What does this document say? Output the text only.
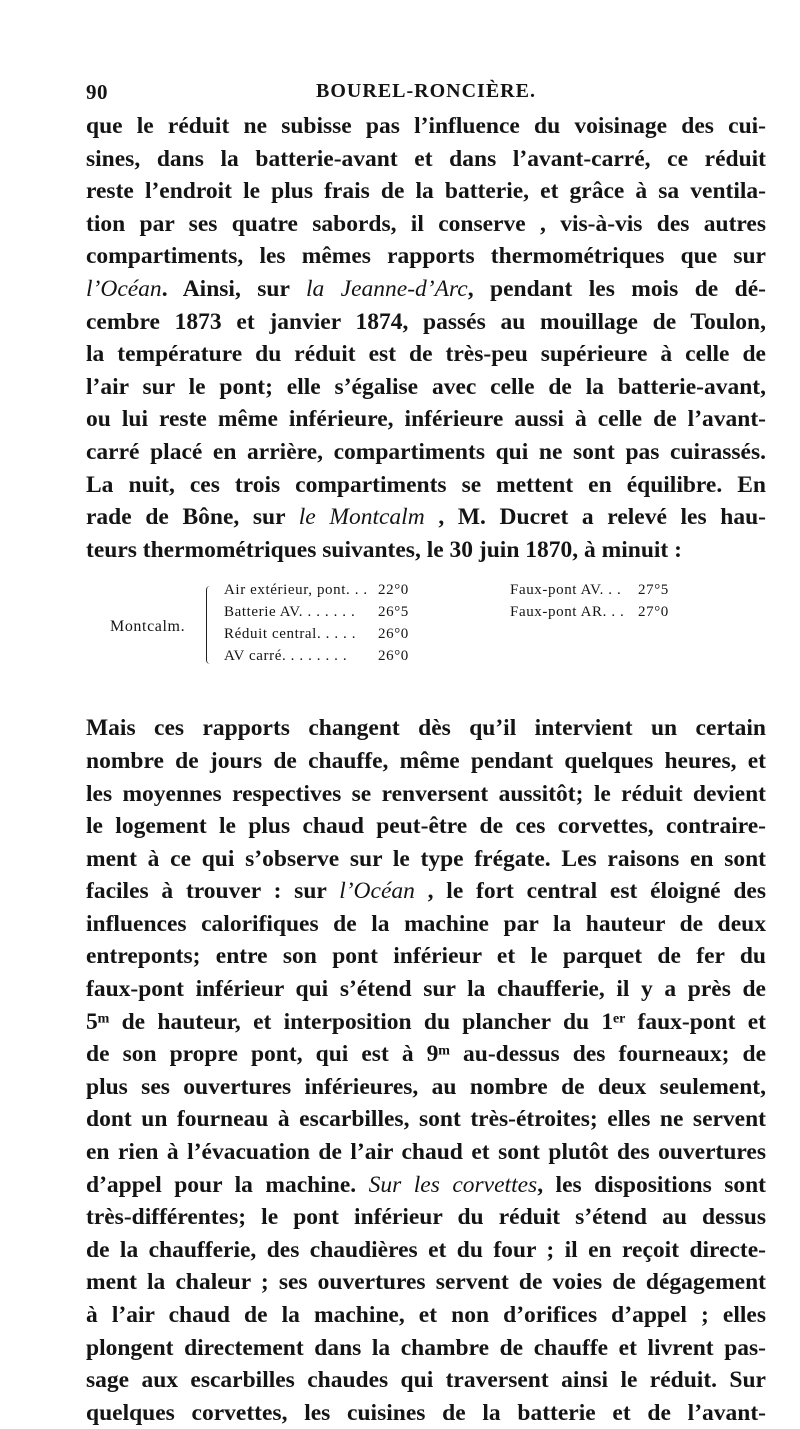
90	BOUREL-RONCIÈRE.

que le réduit ne subisse pas l’influence du voisinage des cui-
sines, dans la batterie-avant et dans l’avant-carré, ce réduit
reste l’endroit le plus frais de la batterie, et grâce à sa ventila-
tion par ses quatre sabords, il conserve , vis-à-vis des autres
compartiments, les mêmes rapports thermométriques que sur
l’Océan. Ainsi, sur la Jeanne-d’Arc, pendant les mois de dé-
cembre 1873 et janvier 1874, passés au mouillage de Toulon,
la température du réduit est de très-peu supérieure à celle de
l’air sur le pont; elle s’égalise avec celle de la batterie-avant,
ou lui reste même inférieure, inférieure aussi à celle de l’avant-
carré placé en arrière, compartiments qui ne sont pas cuirassés.
La nuit, ces trois compartiments se mettent en équilibre. En
rade de Bône, sur le Montcalm , M. Ducret a relevé les hau-
teurs thermométriques suivantes, le 30 juin 1870, à minuit :

Montcalm.
Air extérieur, pont. . . 22°0
Batterie AV. . . . . . . 26°5
Réduit central. . . . . 26°0
AV carré. . . . . . . . 26°0
Faux-pont AV. . . 27°5
Faux-pont AR. . . 27°0

Mais ces rapports changent dès qu’il intervient un certain
nombre de jours de chauffe, même pendant quelques heures, et
les moyennes respectives se renversent aussitôt; le réduit devient
le logement le plus chaud peut-être de ces corvettes, contraire-
ment à ce qui s’observe sur le type frégate. Les raisons en sont
faciles à trouver : sur l’Océan , le fort central est éloigné des
influences calorifiques de la machine par la hauteur de deux
entreponts; entre son pont inférieur et le parquet de fer du
faux-pont inférieur qui s’étend sur la chaufferie, il y a près de
5ᵐ de hauteur, et interposition du plancher du 1ᵉʳ faux-pont et
de son propre pont, qui est à 9ᵐ au-dessus des fourneaux; de
plus ses ouvertures inférieures, au nombre de deux seulement,
dont un fourneau à escarbilles, sont très-étroites; elles ne servent
en rien à l’évacuation de l’air chaud et sont plutôt des ouvertures
d’appel pour la machine. Sur les corvettes, les dispositions sont
très-différentes; le pont inférieur du réduit s’étend au dessus
de la chaufferie, des chaudières et du four ; il en reçoit directe-
ment la chaleur ; ses ouvertures servent de voies de dégagement
à l’air chaud de la machine, et non d’orifices d’appel ; elles
plongent directement dans la chambre de chauffe et livrent pas-
sage aux escarbilles chaudes qui traversent ainsi le réduit. Sur
quelques corvettes, les cuisines de la batterie et de l’avant-
